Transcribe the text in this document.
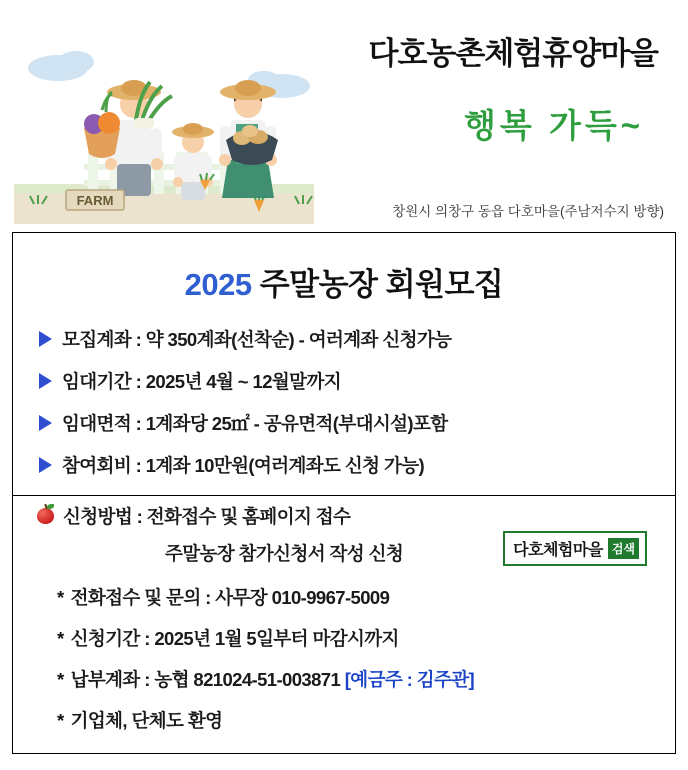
FARM
다호농촌체험휴양마을
행복 가득~
창원시 의창구 동읍 다호마을(주남저수지 방향)
2025 주말농장 회원모집
모집계좌 : 약 350계좌(선착순) - 여러계좌 신청가능
임대기간 : 2025년 4월 ~ 12월말까지
임대면적 : 1계좌당 25㎡ - 공유면적(부대시설)포함
참여회비 : 1계좌 10만원(여러계좌도 신청 가능)
신청방법 : 전화접수 및 홈페이지 접수
주말농장 참가신청서 작성 신청	다호체험마을 검색
* 전화접수 및 문의 : 사무장 010-9967-5009
* 신청기간 : 2025년 1월 5일부터 마감시까지
* 납부계좌 : 농협 821024-51-003871 [예금주 : 김주관]
* 기업체, 단체도 환영
